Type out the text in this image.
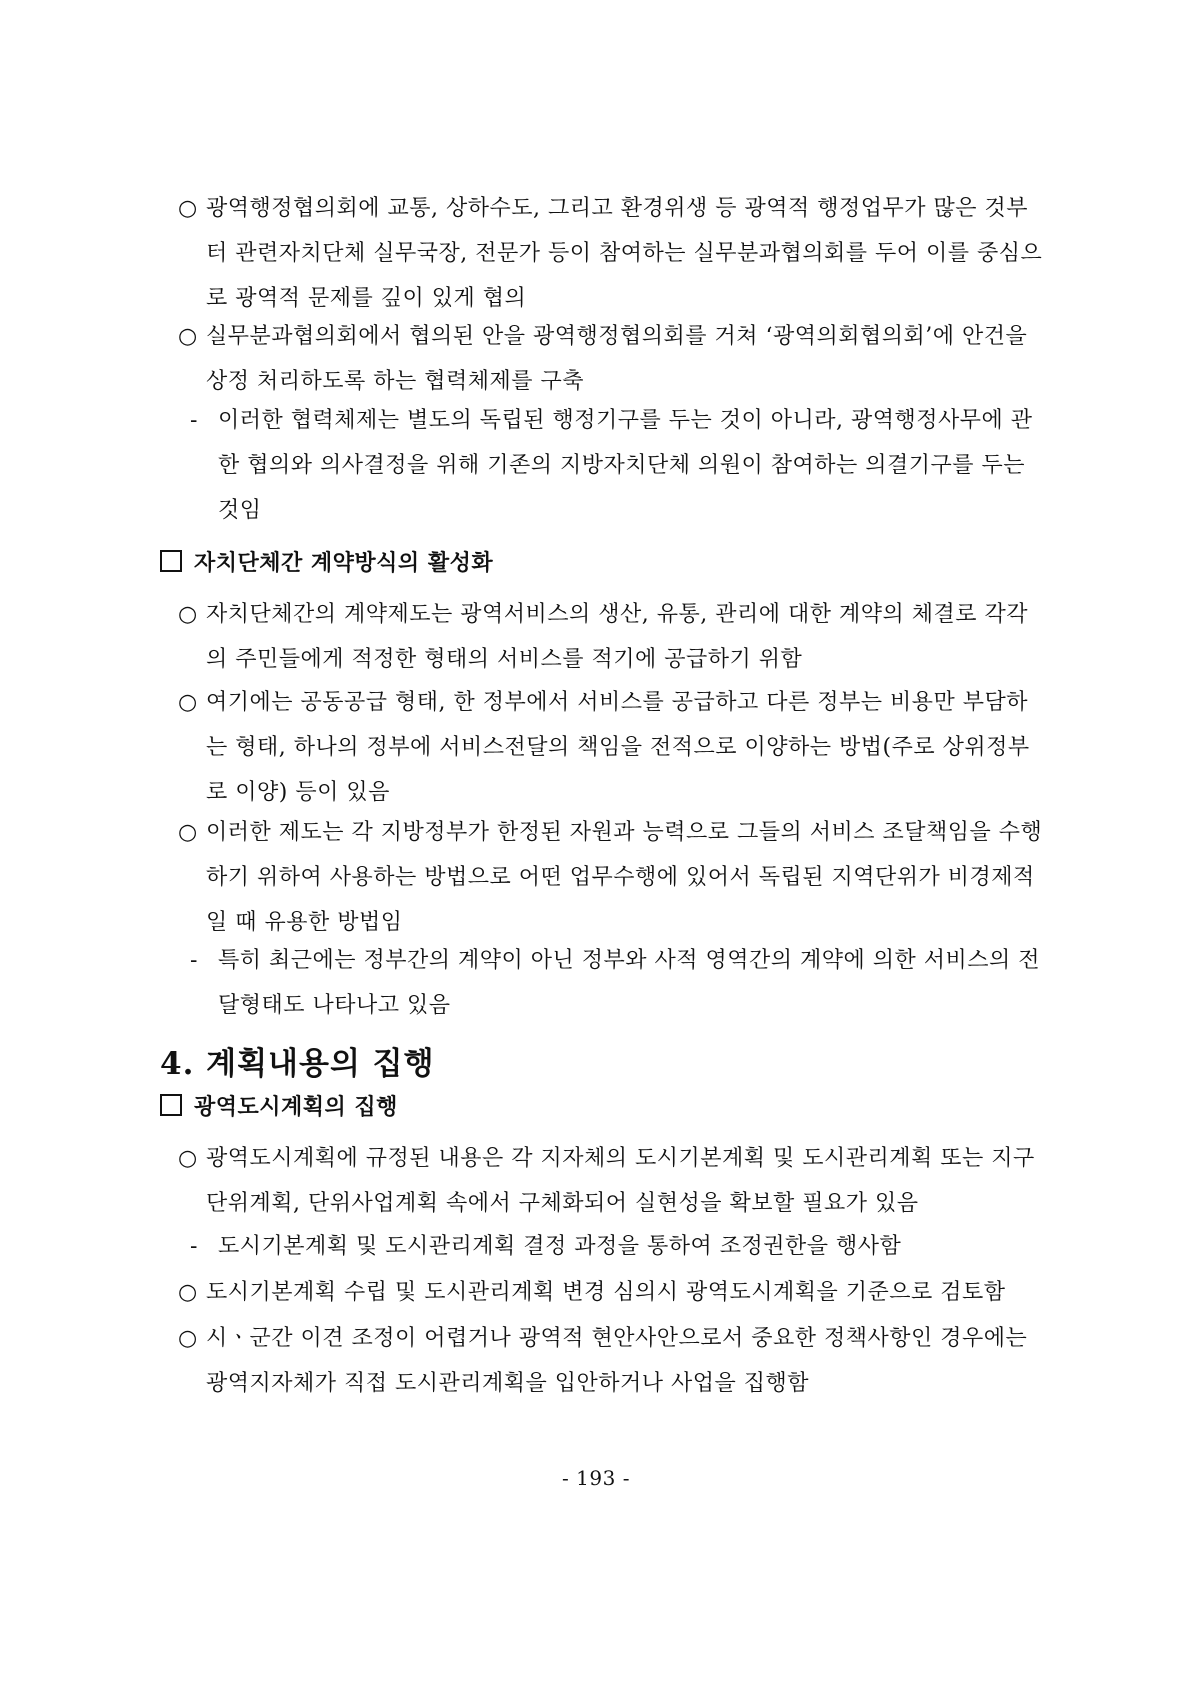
○ 광역행정협의회에 교통, 상하수도, 그리고 환경위생 등 광역적 행정업무가 많은 것부터 관련자치단체 실무국장, 전문가 등이 참여하는 실무분과협의회를 두어 이를 중심으로 광역적 문제를 깊이 있게 협의
○ 실무분과협의회에서 협의된 안을 광역행정협의회를 거쳐 ‘광역의회협의회’에 안건을 상정 처리하도록 하는 협력체제를 구축
- 이러한 협력체제는 별도의 독립된 행정기구를 두는 것이 아니라, 광역행정사무에 관한 협의와 의사결정을 위해 기존의 지방자치단체 의원이 참여하는 의결기구를 두는 것임
자치단체간 계약방식의 활성화
○ 자치단체간의 계약제도는 광역서비스의 생산, 유통, 관리에 대한 계약의 체결로 각각의 주민들에게 적정한 형태의 서비스를 적기에 공급하기 위함
○ 여기에는 공동공급 형태, 한 정부에서 서비스를 공급하고 다른 정부는 비용만 부담하는 형태, 하나의 정부에 서비스전달의 책임을 전적으로 이양하는 방법(주로 상위정부로 이양) 등이 있음
○ 이러한 제도는 각 지방정부가 한정된 자원과 능력으로 그들의 서비스 조달책임을 수행하기 위하여 사용하는 방법으로 어떤 업무수행에 있어서 독립된 지역단위가 비경제적일 때 유용한 방법임
- 특히 최근에는 정부간의 계약이 아닌 정부와 사적 영역간의 계약에 의한 서비스의 전달형태도 나타나고 있음
4. 계획내용의 집행
광역도시계획의 집행
○ 광역도시계획에 규정된 내용은 각 지자체의 도시기본계획 및 도시관리계획 또는 지구단위계획, 단위사업계획 속에서 구체화되어 실현성을 확보할 필요가 있음
- 도시기본계획 및 도시관리계획 결정 과정을 통하여 조정권한을 행사함
○ 도시기본계획 수립 및 도시관리계획 변경 심의시 광역도시계획을 기준으로 검토함
○ 시ㆍ군간 이견 조정이 어렵거나 광역적 현안사안으로서 중요한 정책사항인 경우에는 광역지자체가 직접 도시관리계획을 입안하거나 사업을 집행함
- 193 -
